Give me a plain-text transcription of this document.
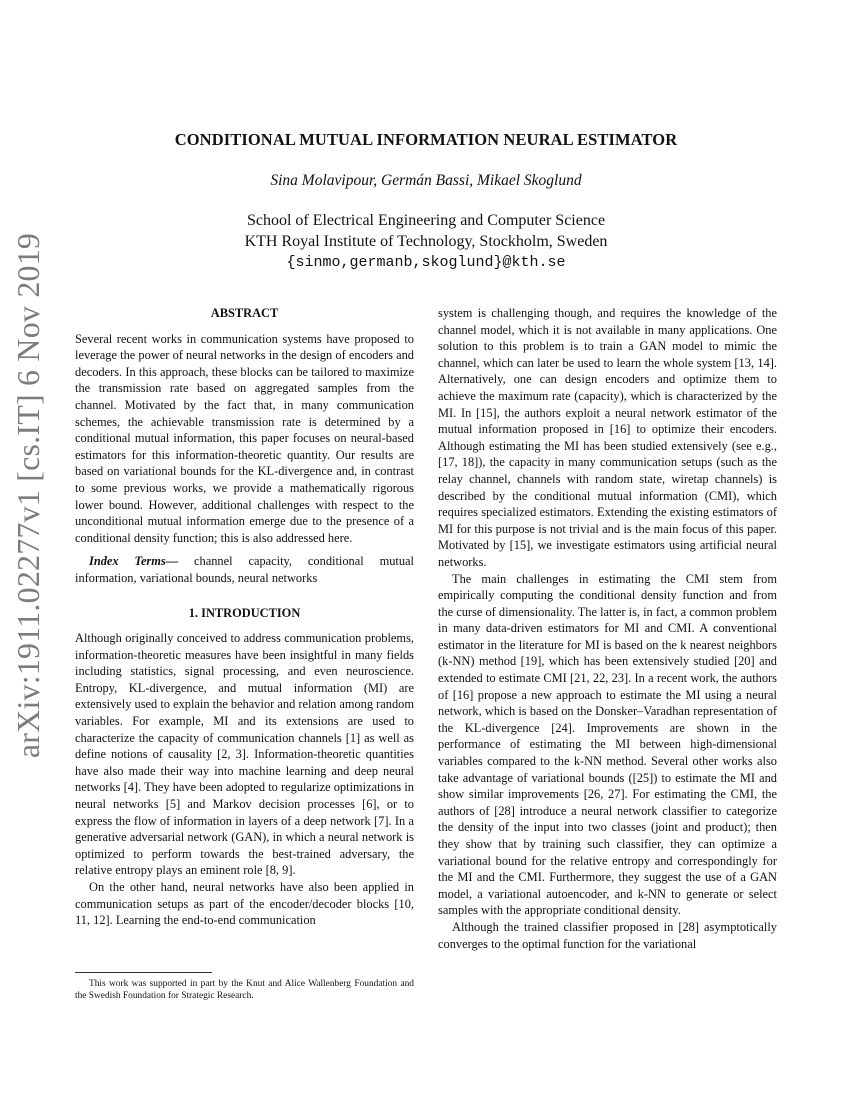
arXiv:1911.02277v1 [cs.IT] 6 Nov 2019
CONDITIONAL MUTUAL INFORMATION NEURAL ESTIMATOR
Sina Molavipour, Germán Bassi, Mikael Skoglund
School of Electrical Engineering and Computer Science
KTH Royal Institute of Technology, Stockholm, Sweden
{sinmo,germanb,skoglund}@kth.se
ABSTRACT

Several recent works in communication systems have proposed to leverage the power of neural networks in the design of encoders and decoders. In this approach, these blocks can be tailored to maximize the transmission rate based on aggregated samples from the channel. Motivated by the fact that, in many communication schemes, the achievable transmission rate is determined by a conditional mutual information, this paper focuses on neural-based estimators for this information-theoretic quantity. Our results are based on variational bounds for the KL-divergence and, in contrast to some previous works, we provide a mathematically rigorous lower bound. However, additional challenges with respect to the unconditional mutual information emerge due to the presence of a conditional density function; this is also addressed here.

Index Terms— channel capacity, conditional mutual information, variational bounds, neural networks

1. INTRODUCTION

Although originally conceived to address communication problems, information-theoretic measures have been insightful in many fields including statistics, signal processing, and even neuroscience. Entropy, KL-divergence, and mutual information (MI) are extensively used to explain the behavior and relation among random variables. For example, MI and its extensions are used to characterize the capacity of communication channels [1] as well as define notions of causality [2, 3]. Information-theoretic quantities have also made their way into machine learning and deep neural networks [4]. They have been adopted to regularize optimizations in neural networks [5] and Markov decision processes [6], or to express the flow of information in layers of a deep network [7]. In a generative adversarial network (GAN), in which a neural network is optimized to perform towards the best-trained adversary, the relative entropy plays an eminent role [8, 9].

On the other hand, neural networks have also been applied in communication setups as part of the encoder/decoder blocks [10, 11, 12]. Learning the end-to-end communication

This work was supported in part by the Knut and Alice Wallenberg Foundation and the Swedish Foundation for Strategic Research.

system is challenging though, and requires the knowledge of the channel model, which it is not available in many applications. One solution to this problem is to train a GAN model to mimic the channel, which can later be used to learn the whole system [13, 14]. Alternatively, one can design encoders and optimize them to achieve the maximum rate (capacity), which is characterized by the MI. In [15], the authors exploit a neural network estimator of the mutual information proposed in [16] to optimize their encoders. Although estimating the MI has been studied extensively (see e.g., [17, 18]), the capacity in many communication setups (such as the relay channel, channels with random state, wiretap channels) is described by the conditional mutual information (CMI), which requires specialized estimators. Extending the existing estimators of MI for this purpose is not trivial and is the main focus of this paper. Motivated by [15], we investigate estimators using artificial neural networks.

The main challenges in estimating the CMI stem from empirically computing the conditional density function and from the curse of dimensionality. The latter is, in fact, a common problem in many data-driven estimators for MI and CMI. A conventional estimator in the literature for MI is based on the k nearest neighbors (k-NN) method [19], which has been extensively studied [20] and extended to estimate CMI [21, 22, 23]. In a recent work, the authors of [16] propose a new approach to estimate the MI using a neural network, which is based on the Donsker–Varadhan representation of the KL-divergence [24]. Improvements are shown in the performance of estimating the MI between high-dimensional variables compared to the k-NN method. Several other works also take advantage of variational bounds ([25]) to estimate the MI and show similar improvements [26, 27]. For estimating the CMI, the authors of [28] introduce a neural network classifier to categorize the density of the input into two classes (joint and product); then they show that by training such classifier, they can optimize a variational bound for the relative entropy and correspondingly for the MI and the CMI. Furthermore, they suggest the use of a GAN model, a variational autoencoder, and k-NN to generate or select samples with the appropriate conditional density.

Although the trained classifier proposed in [28] asymptotically converges to the optimal function for the variational
